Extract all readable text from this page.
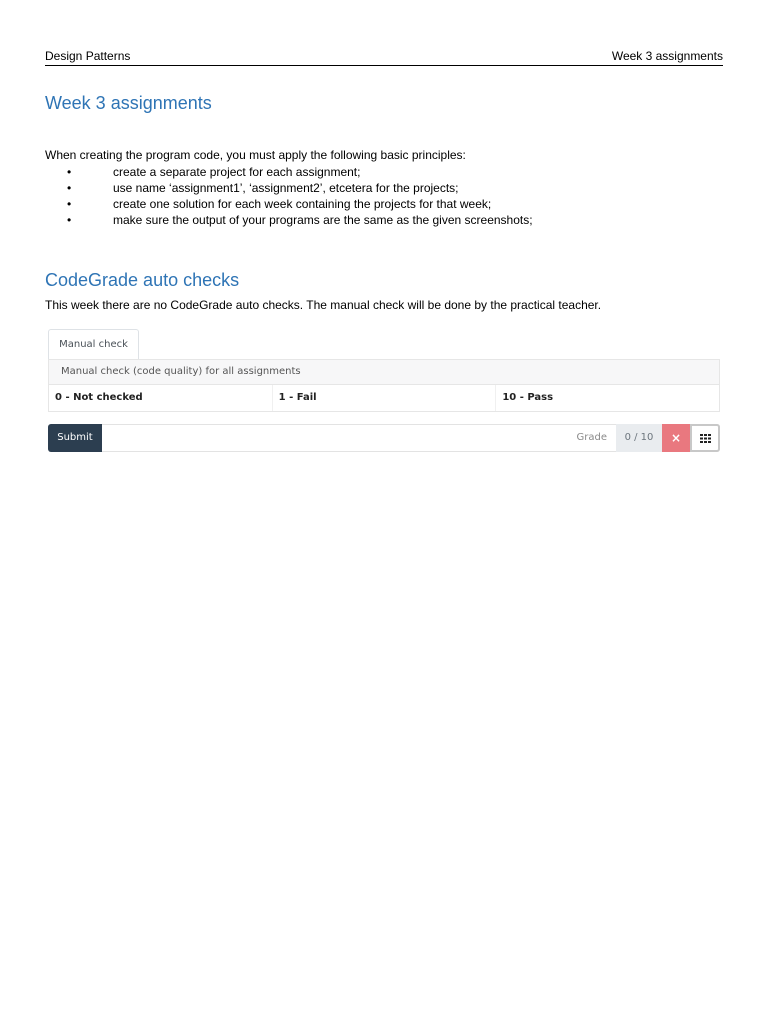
Design Patterns	Week 3 assignments
Week 3 assignments

When creating the program code, you must apply the following basic principles:

•	create a separate project for each assignment;
•	use name ‘assignment1’, ‘assignment2’, etcetera for the projects;
•	create one solution for each week containing the projects for that week;
•	make sure the output of your programs are the same as the given screenshots;
CodeGrade auto checks

This week there are no CodeGrade auto checks. The manual check will be done by the practical teacher.

Manual check
Manual check (code quality) for all assignments
0 - Not checked	1 - Fail	10 - Pass
Submit	Grade	0 / 10	×
